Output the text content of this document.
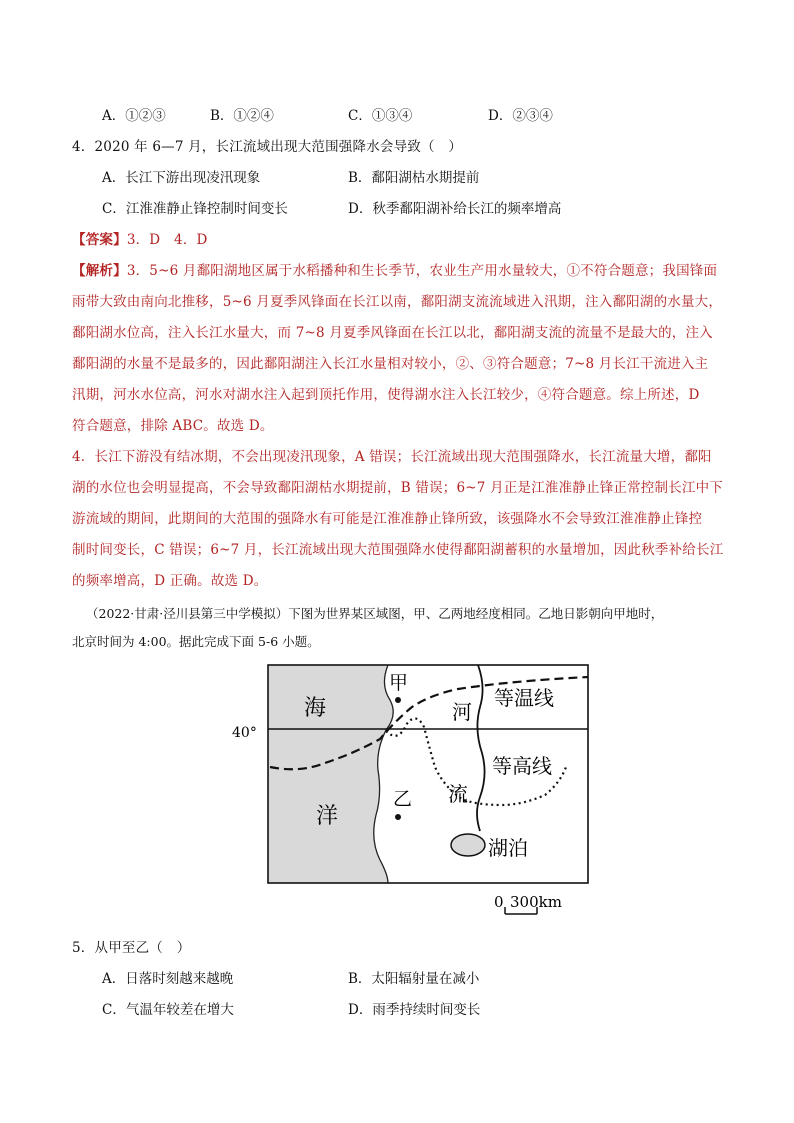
A．①②③	B．①②④	C．①③④	D．②③④
4．2020 年 6—7 月，长江流域出现大范围强降水会导致（　）
A．长江下游出现凌汛现象	B．鄱阳湖枯水期提前
C．江淮准静止锋控制时间变长	D．秋季鄱阳湖补给长江的频率增高
【答案】3．D　4．D
【解析】3．5~6 月鄱阳湖地区属于水稻播种和生长季节，农业生产用水量较大，①不符合题意；我国锋面
雨带大致由南向北推移，5~6 月夏季风锋面在长江以南，鄱阳湖支流流域进入汛期，注入鄱阳湖的水量大，
鄱阳湖水位高，注入长江水量大，而 7~8 月夏季风锋面在长江以北，鄱阳湖支流的流量不是最大的，注入
鄱阳湖的水量不是最多的，因此鄱阳湖注入长江水量相对较小，②、③符合题意；7~8 月长江干流进入主
汛期，河水水位高，河水对湖水注入起到顶托作用，使得湖水注入长江较少，④符合题意。综上所述，D
符合题意，排除 ABC。故选 D。
4．长江下游没有结冰期，不会出现凌汛现象，A 错误；长江流域出现大范围强降水，长江流量大增，鄱阳
湖的水位也会明显提高，不会导致鄱阳湖枯水期提前，B 错误；6~7 月正是江淮准静止锋正常控制长江中下
游流域的期间，此期间的大范围的强降水有可能是江淮准静止锋所致，该强降水不会导致江淮准静止锋控
制时间变长，C 错误；6~7 月，长江流域出现大范围强降水使得鄱阳湖蓄积的水量增加，因此秋季补给长江
的频率增高，D 正确。故选 D。
（2022·甘肃·泾川县第三中学模拟）下图为世界某区域图，甲、乙两地经度相同。乙地日影朝向甲地时，
北京时间为 4:00。据此完成下面 5-6 小题。
40°
海
洋
甲
乙
河
流
等温线
等高线
湖泊
0 300km
5．从甲至乙（　）
A．日落时刻越来越晚	B．太阳辐射量在减小
C．气温年较差在增大	D．雨季持续时间变长
